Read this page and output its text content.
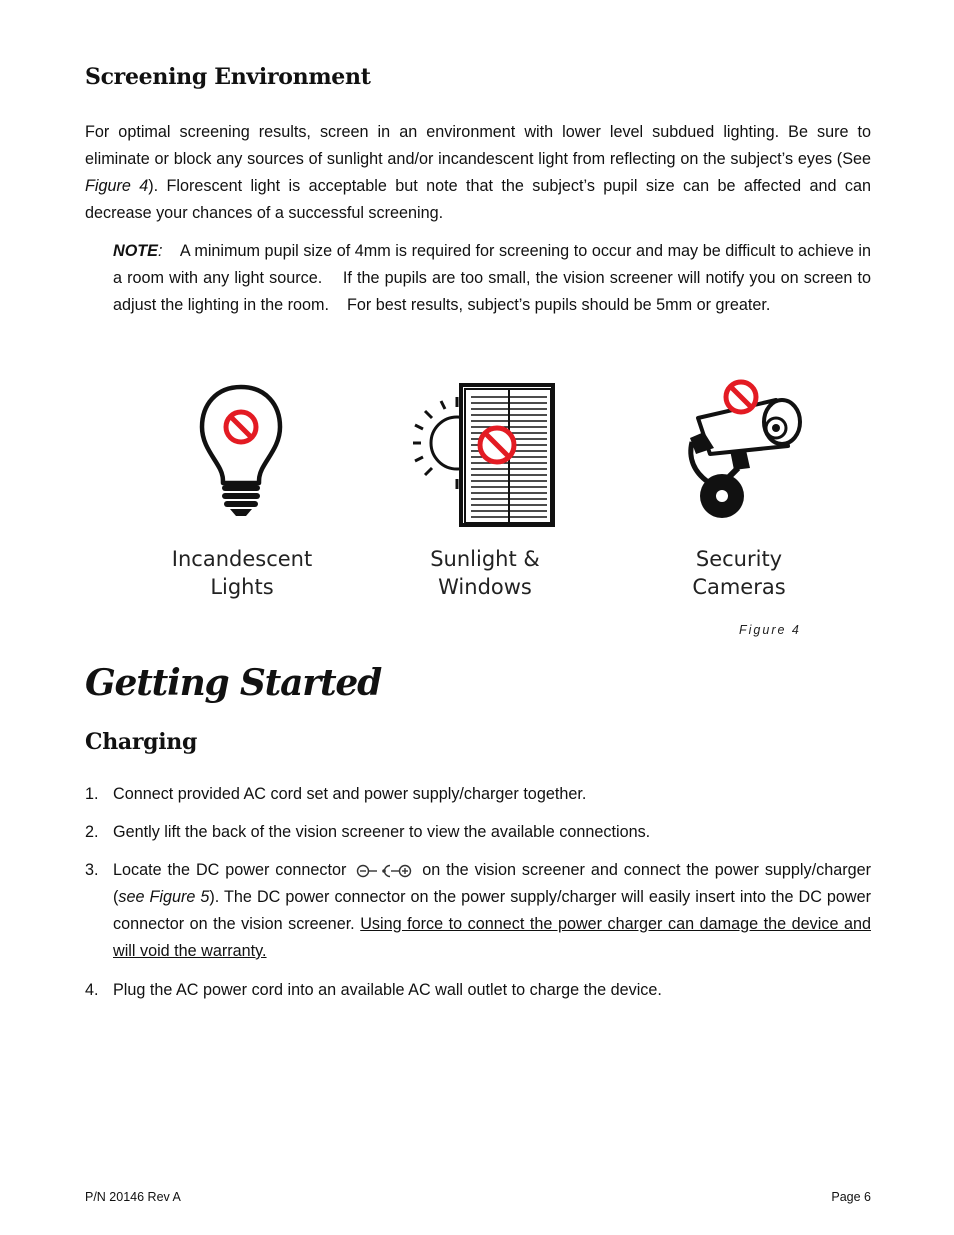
Screening Environment
For optimal screening results, screen in an environment with lower level subdued lighting. Be sure to eliminate or block any sources of sunlight and/or incandescent light from reflecting on the subject’s eyes (See Figure 4). Florescent light is acceptable but note that the subject’s pupil size can be affected and can decrease your chances of a successful screening.
NOTE:    A minimum pupil size of 4mm is required for screening to occur and may be difficult to achieve in a room with any light source.    If the pupils are too small, the vision screener will notify you on screen to adjust the lighting in the room.    For best results, subject’s pupils should be 5mm or greater.
Incandescent
Lights
Sunlight &
Windows
Security
Cameras
Figure 4
Getting Started
Charging
1. Connect provided AC cord set and power supply/charger together.
2. Gently lift the back of the vision screener to view the available connections.
3. Locate the DC power connector	on the vision screener and connect the power supply/charger (see Figure 5). The DC power connector on the power supply/charger will easily insert into the DC power connector on the vision screener. Using force to connect the power charger can damage the device and will void the warranty.
4. Plug the AC power cord into an available AC wall outlet to charge the device.
P/N 20146 Rev A	Page 6
